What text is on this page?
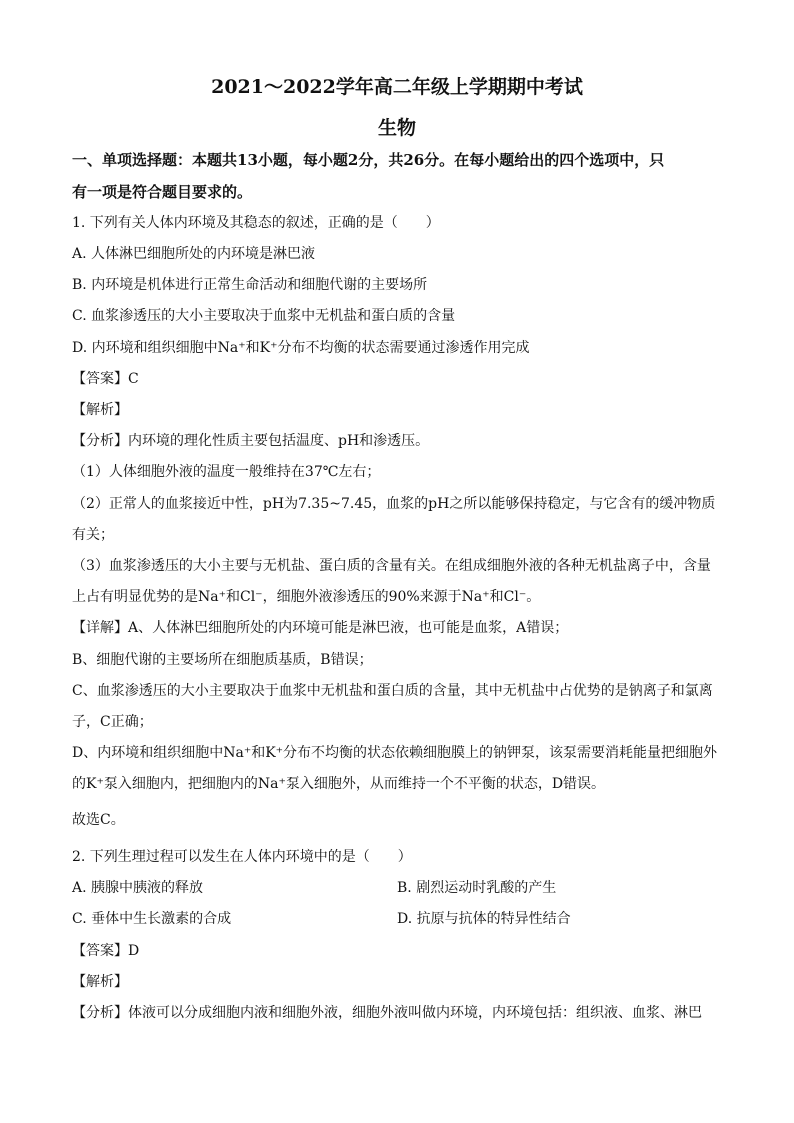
2021～2022学年高二年级上学期期中考试
生物
一、单项选择题：本题共13小题，每小题2分，共26分。在每小题给出的四个选项中，只
有一项是符合题目要求的。
1. 下列有关人体内环境及其稳态的叙述，正确的是（　　）
A. 人体淋巴细胞所处的内环境是淋巴液
B. 内环境是机体进行正常生命活动和细胞代谢的主要场所
C. 血浆渗透压的大小主要取决于血浆中无机盐和蛋白质的含量
D. 内环境和组织细胞中Na⁺和K⁺分布不均衡的状态需要通过渗透作用完成
【答案】C
【解析】
【分析】内环境的理化性质主要包括温度、pH和渗透压。
（1）人体细胞外液的温度一般维持在37℃左右；
（2）正常人的血浆接近中性，pH为7.35~7.45，血浆的pH之所以能够保持稳定，与它含有的缓冲物质
有关；
（3）血浆渗透压的大小主要与无机盐、蛋白质的含量有关。在组成细胞外液的各种无机盐离子中，含量
上占有明显优势的是Na⁺和Cl⁻，细胞外液渗透压的90%来源于Na⁺和Cl⁻。
【详解】A、人体淋巴细胞所处的内环境可能是淋巴液，也可能是血浆，A错误；
B、细胞代谢的主要场所在细胞质基质，B错误；
C、血浆渗透压的大小主要取决于血浆中无机盐和蛋白质的含量，其中无机盐中占优势的是钠离子和氯离
子，C正确；
D、内环境和组织细胞中Na⁺和K⁺分布不均衡的状态依赖细胞膜上的钠钾泵，该泵需要消耗能量把细胞外
的K⁺泵入细胞内，把细胞内的Na⁺泵入细胞外，从而维持一个不平衡的状态，D错误。
故选C。
2. 下列生理过程可以发生在人体内环境中的是（　　）
A. 胰腺中胰液的释放	B. 剧烈运动时乳酸的产生
C. 垂体中生长激素的合成	D. 抗原与抗体的特异性结合
【答案】D
【解析】
【分析】体液可以分成细胞内液和细胞外液，细胞外液叫做内环境，内环境包括：组织液、血浆、淋巴
